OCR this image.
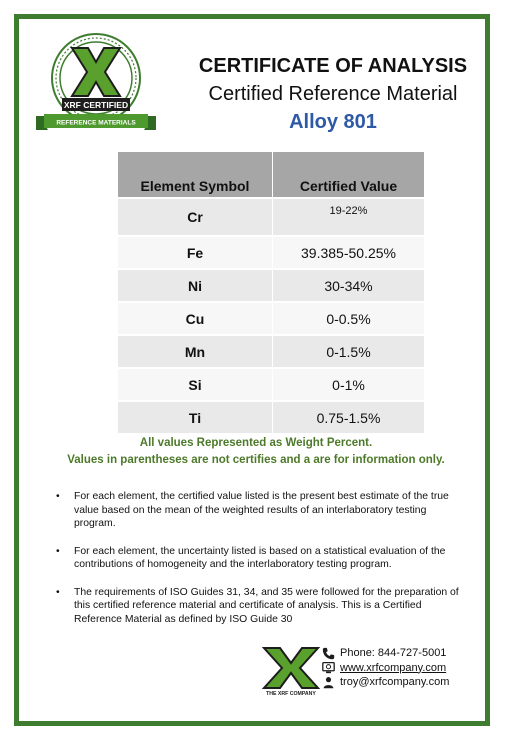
XRF CERTIFIED
REFERENCE MATERIALS
CERTIFICATE OF ANALYSIS
Certified Reference Material
Alloy 801
Element Symbol	Certified Value
Cr	19-22%
Fe	39.385-50.25%
Ni	30-34%
Cu	0-0.5%
Mn	0-1.5%
Si	0-1%
Ti	0.75-1.5%
All values Represented as Weight Percent.
Values in parentheses are not certifies and a are for information only.
• For each element, the certified value listed is the present best estimate of the true value based on the mean of the weighted results of an interlaboratory testing program.
• For each element, the uncertainty listed is based on a statistical evaluation of the contributions of homogeneity and the interlaboratory testing program.
• The requirements of ISO Guides 31, 34, and 35 were followed for the preparation of this certified reference material and certificate of analysis. This is a Certified Reference Material as defined by ISO Guide 30
THE XRF COMPANY
Phone: 844-727-5001
www.xrfcompany.com
troy@xrfcompany.com
